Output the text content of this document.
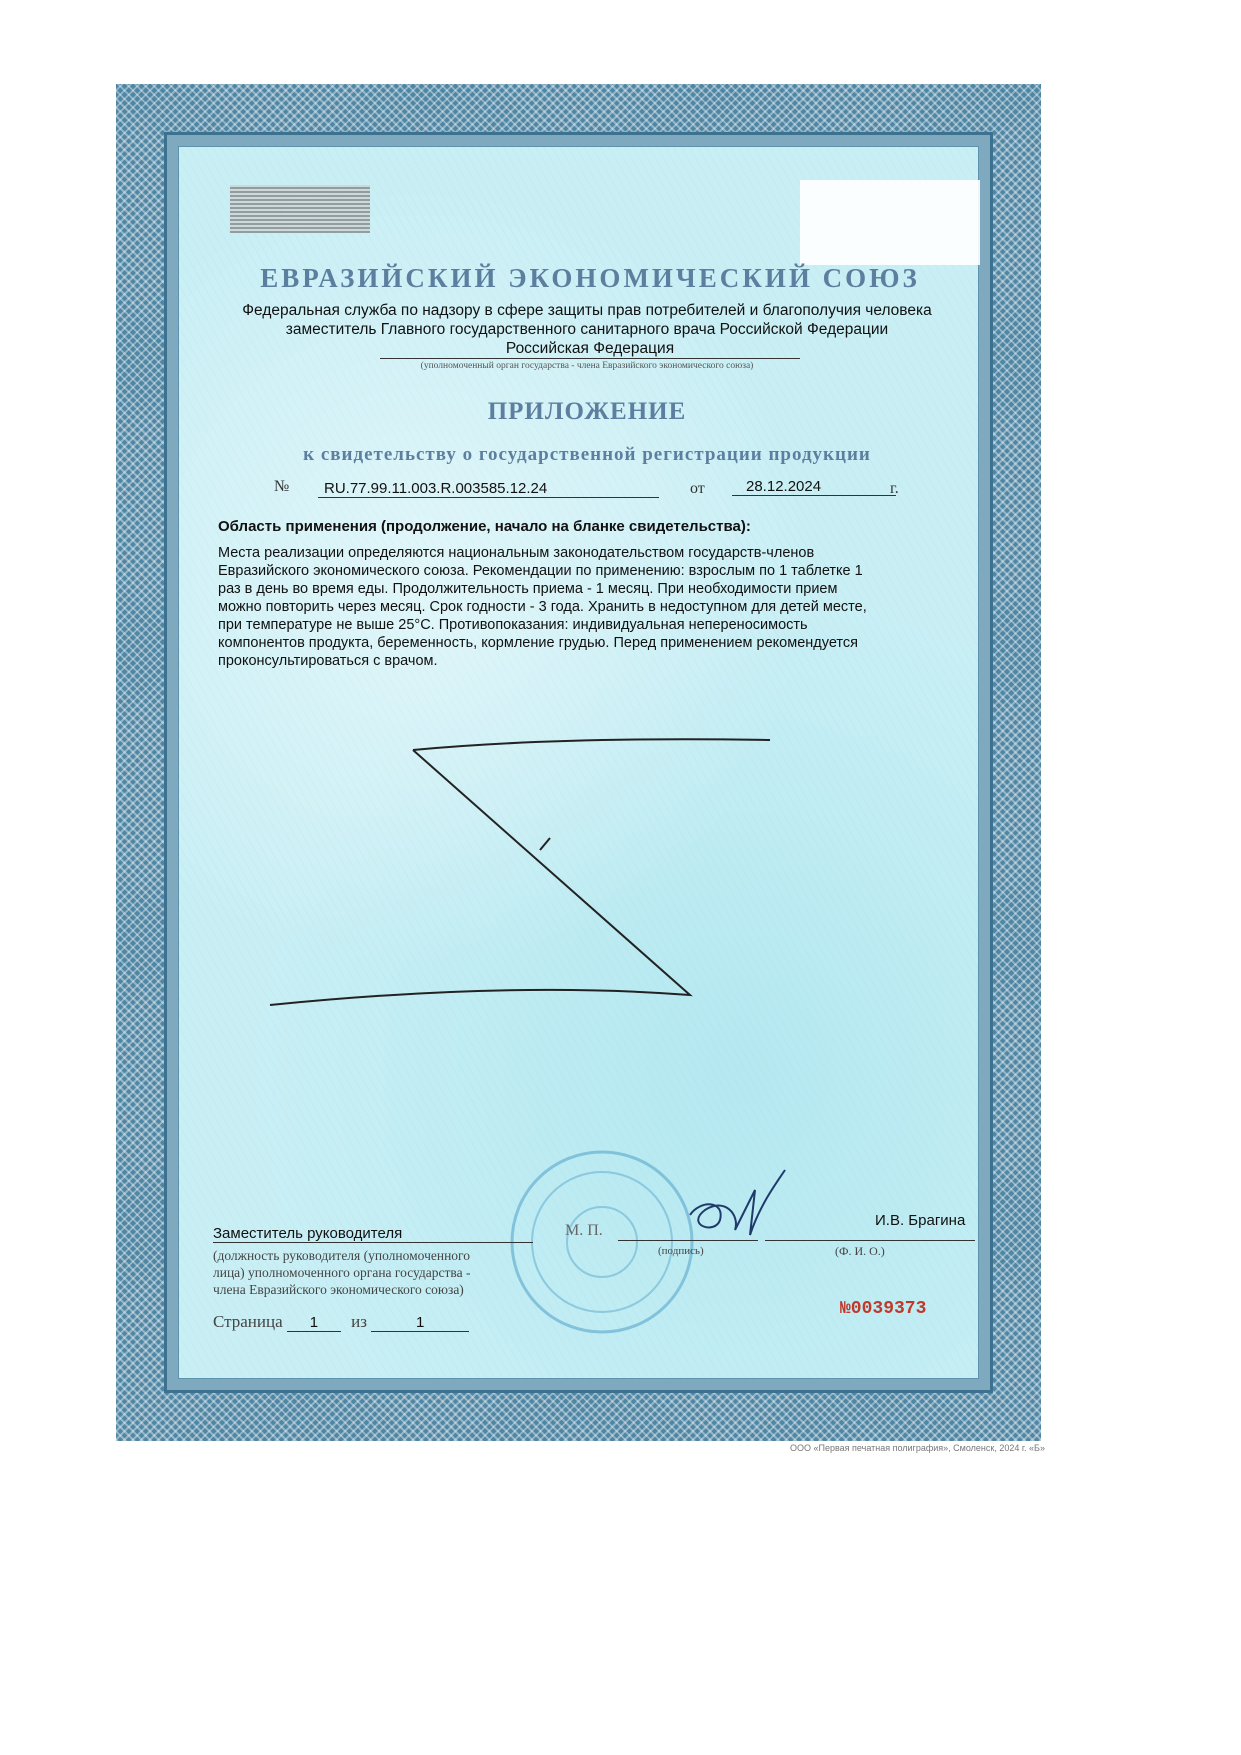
ЕВРАЗИЙСКИЙ ЭКОНОМИЧЕСКИЙ СОЮЗ
Федеральная служба по надзору в сфере защиты прав потребителей и благополучия человека
заместитель Главного государственного санитарного врача Российской Федерации
Российская Федерация
(уполномоченный орган государства - члена Евразийского экономического союза)
ПРИЛОЖЕНИЕ
к свидетельству о государственной регистрации продукции
№	RU.77.99.11.003.R.003585.12.24	от	28.12.2024	г.
Область применения (продолжение, начало на бланке свидетельства):
Места реализации определяются национальным законодательством государств-членов
Евразийского экономического союза. Рекомендации по применению: взрослым по 1 таблетке 1
раз в день во время еды. Продолжительность приема - 1 месяц. При необходимости прием
можно повторить через месяц. Срок годности - 3 года. Хранить в недоступном для детей месте,
при температуре не выше 25°С. Противопоказания: индивидуальная непереносимость
компонентов продукта, беременность, кормление грудью. Перед применением рекомендуется
проконсультироваться с врачом.
Заместитель руководителя
(должность руководителя (уполномоченного
лица) уполномоченного органа государства -
члена Евразийского экономического союза)
М. П.
(подпись)
И.В. Брагина
(Ф. И. О.)
Страница 1 из	1
№0039373
ООО «Первая печатная полиграфия», Смоленск, 2024 г. «Б»
